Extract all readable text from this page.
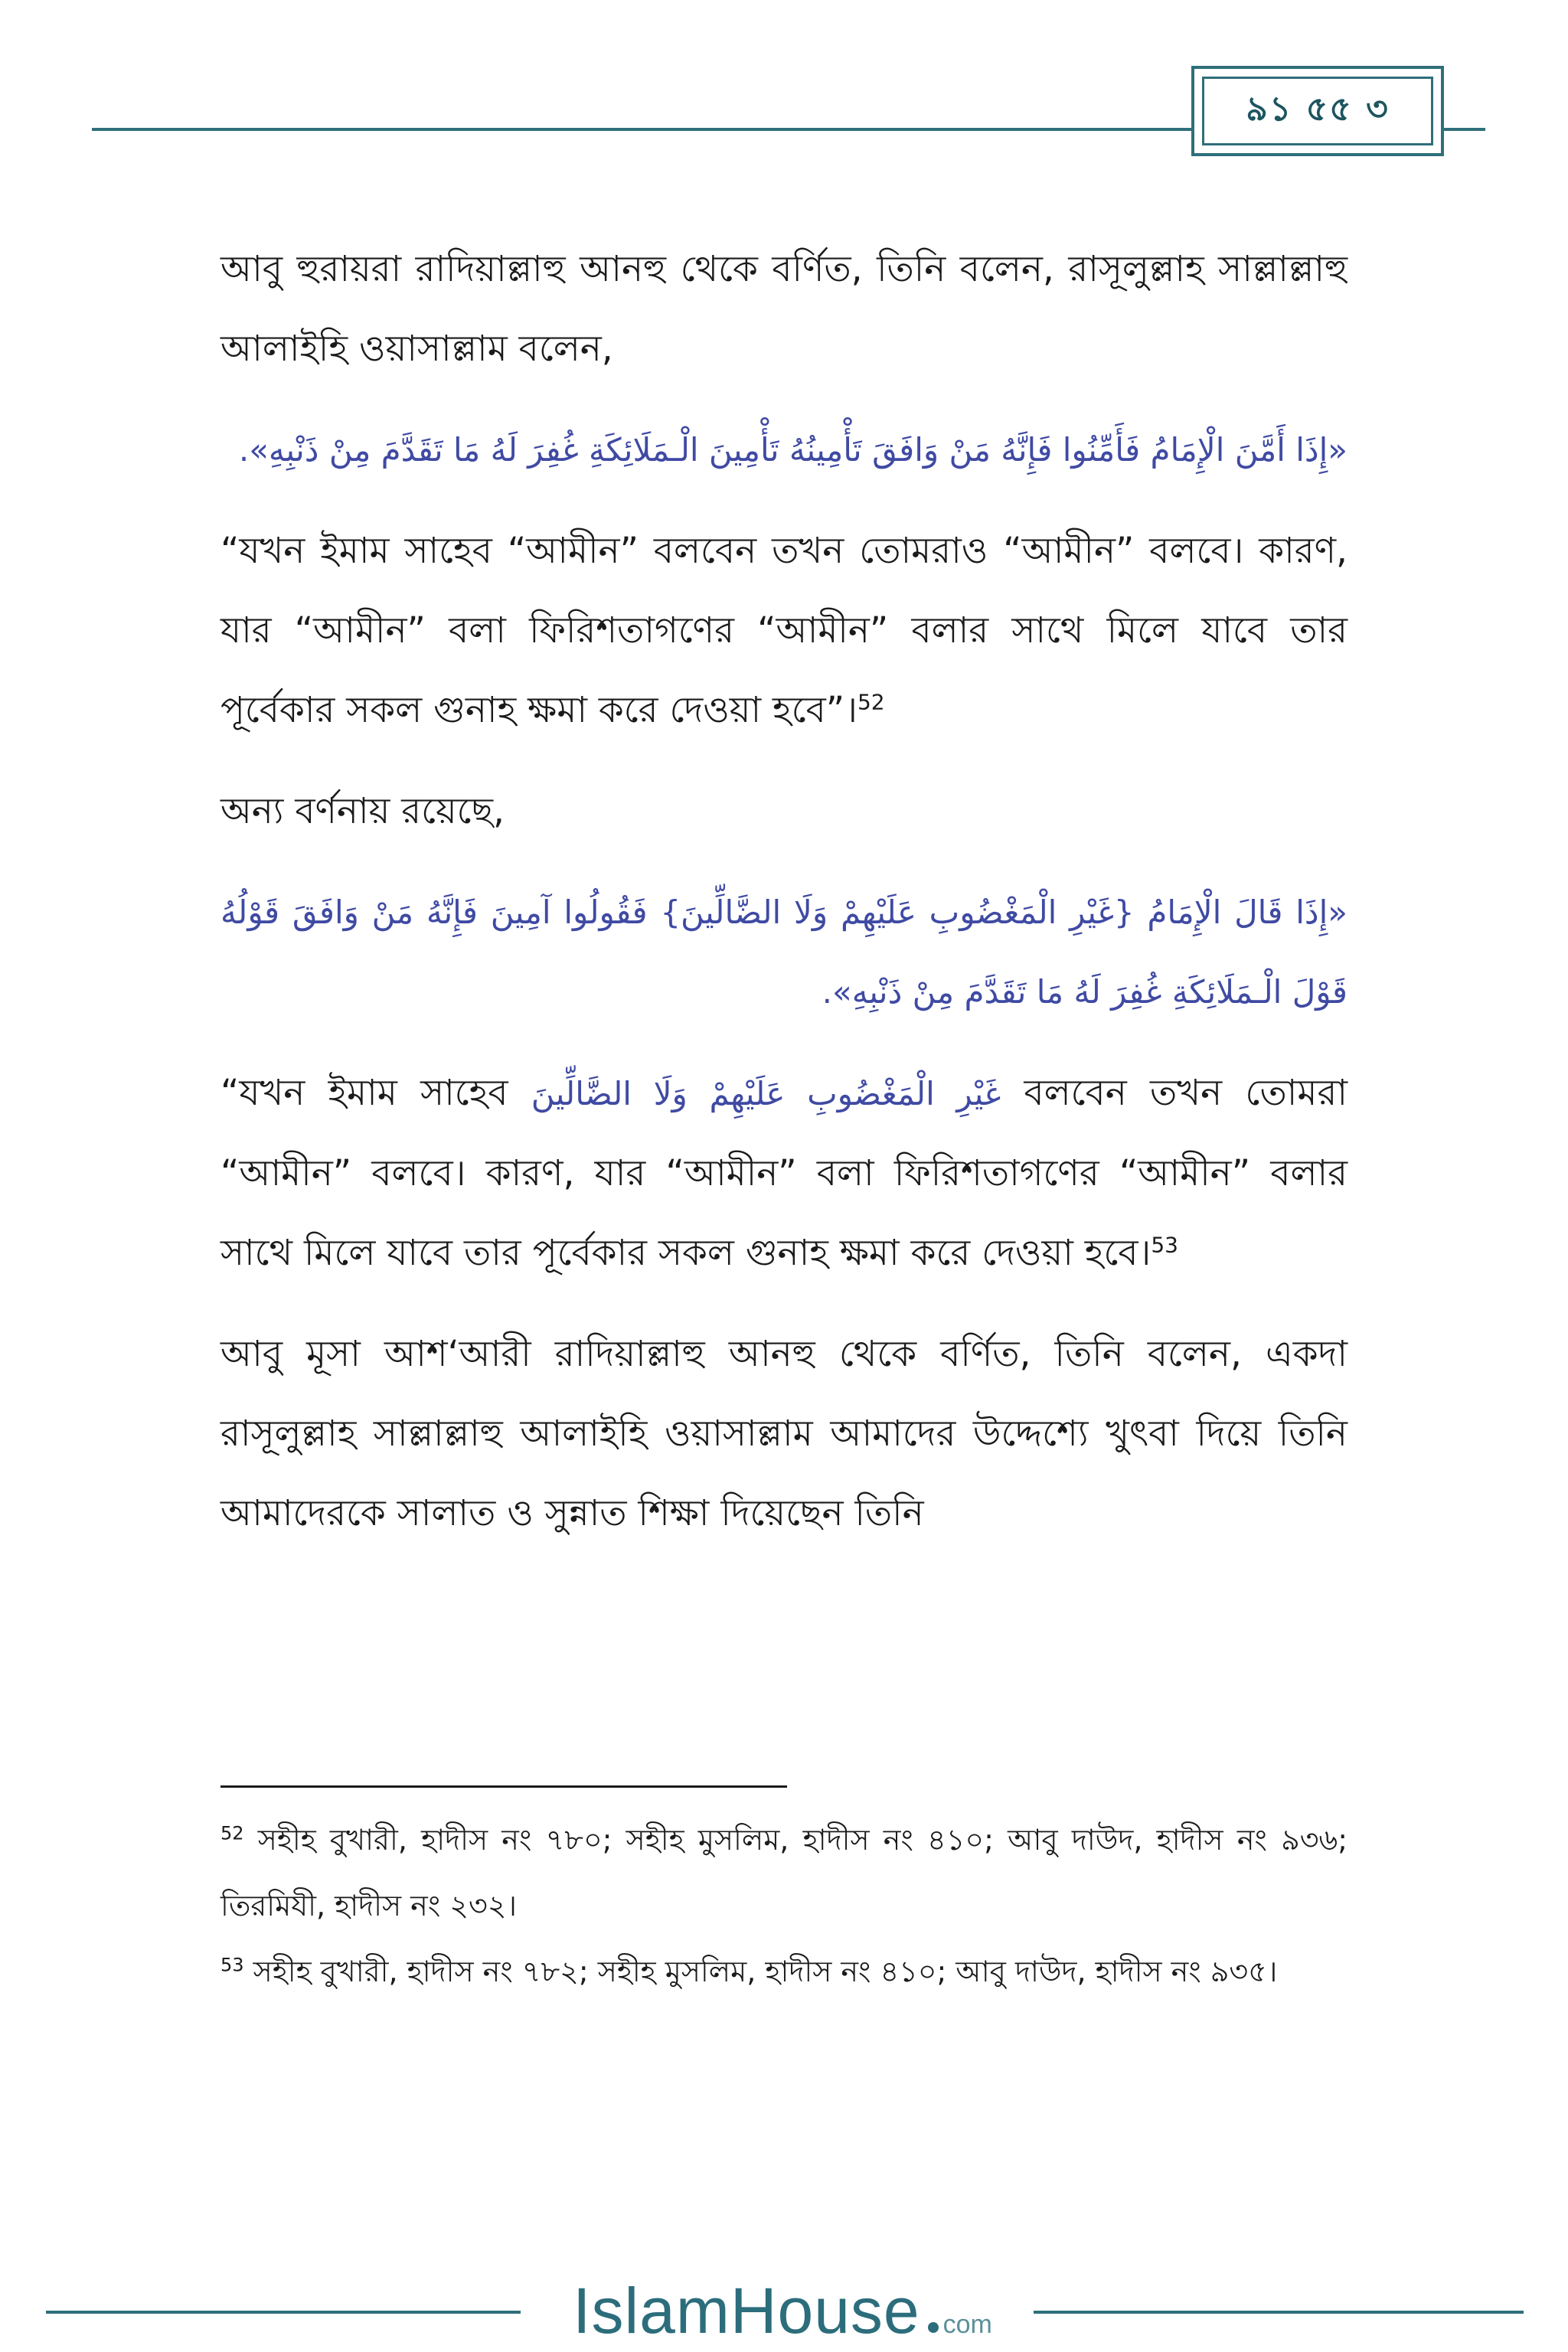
৯১ ৫৫ ৩

আবু হুরায়রা রাদিয়াল্লাহু আনহু থেকে বর্ণিত, তিনি বলেন, রাসূলুল্লাহ সাল্লাল্লাহু আলাইহি ওয়াসাল্লাম বলেন,

«إِذَا أَمَّنَ الْإِمَامُ فَأَمِّنُوا فَإِنَّهُ مَنْ وَافَقَ تَأْمِينُهُ تَأْمِينَ الْـمَلَائِكَةِ غُفِرَ لَهُ مَا تَقَدَّمَ مِنْ ذَنْبِهِ».

“যখন ইমাম সাহেব “আমীন” বলবেন তখন তোমরাও “আমীন” বলবে। কারণ, যার “আমীন” বলা ফিরিশতাগণের “আমীন” বলার সাথে মিলে যাবে তার পূর্বেকার সকল গুনাহ ক্ষমা করে দেওয়া হবে”।$^{52}$

অন্য বর্ণনায় রয়েছে,

«إِذَا قَالَ الْإِمَامُ {غَيْرِ الْمَغْضُوبِ عَلَيْهِمْ وَلَا الضَّالِّينَ} فَقُولُوا آمِينَ فَإِنَّهُ مَنْ وَافَقَ قَوْلُهُ قَوْلَ الْـمَلَائِكَةِ غُفِرَ لَهُ مَا تَقَدَّمَ مِنْ ذَنْبِهِ».

“যখন ইমাম সাহেব غَيْرِ الْمَغْضُوبِ عَلَيْهِمْ وَلَا الضَّالِّينَ বলবেন তখন তোমরা “আমীন” বলবে। কারণ, যার “আমীন” বলা ফিরিশতাগণের “আমীন” বলার সাথে মিলে যাবে তার পূর্বেকার সকল গুনাহ ক্ষমা করে দেওয়া হবে।$^{53}$

আবু মূসা আশ‘আরী রাদিয়াল্লাহু আনহু থেকে বর্ণিত, তিনি বলেন, একদা রাসূলুল্লাহ সাল্লাল্লাহু আলাইহি ওয়াসাল্লাম আমাদের উদ্দেশ্যে খুৎবা দিয়ে তিনি আমাদেরকে সালাত ও সুন্নাত শিক্ষা দিয়েছেন তিনি

$^{52}$ সহীহ বুখারী, হাদীস নং ৭৮০; সহীহ মুসলিম, হাদীস নং ৪১০; আবু দাউদ, হাদীস নং ৯৩৬; তিরমিযী, হাদীস নং ২৩২।

$^{53}$ সহীহ বুখারী, হাদীস নং ৭৮২; সহীহ মুসলিম, হাদীস নং ৪১০; আবু দাউদ, হাদীস নং ৯৩৫।

IslamHouse com
